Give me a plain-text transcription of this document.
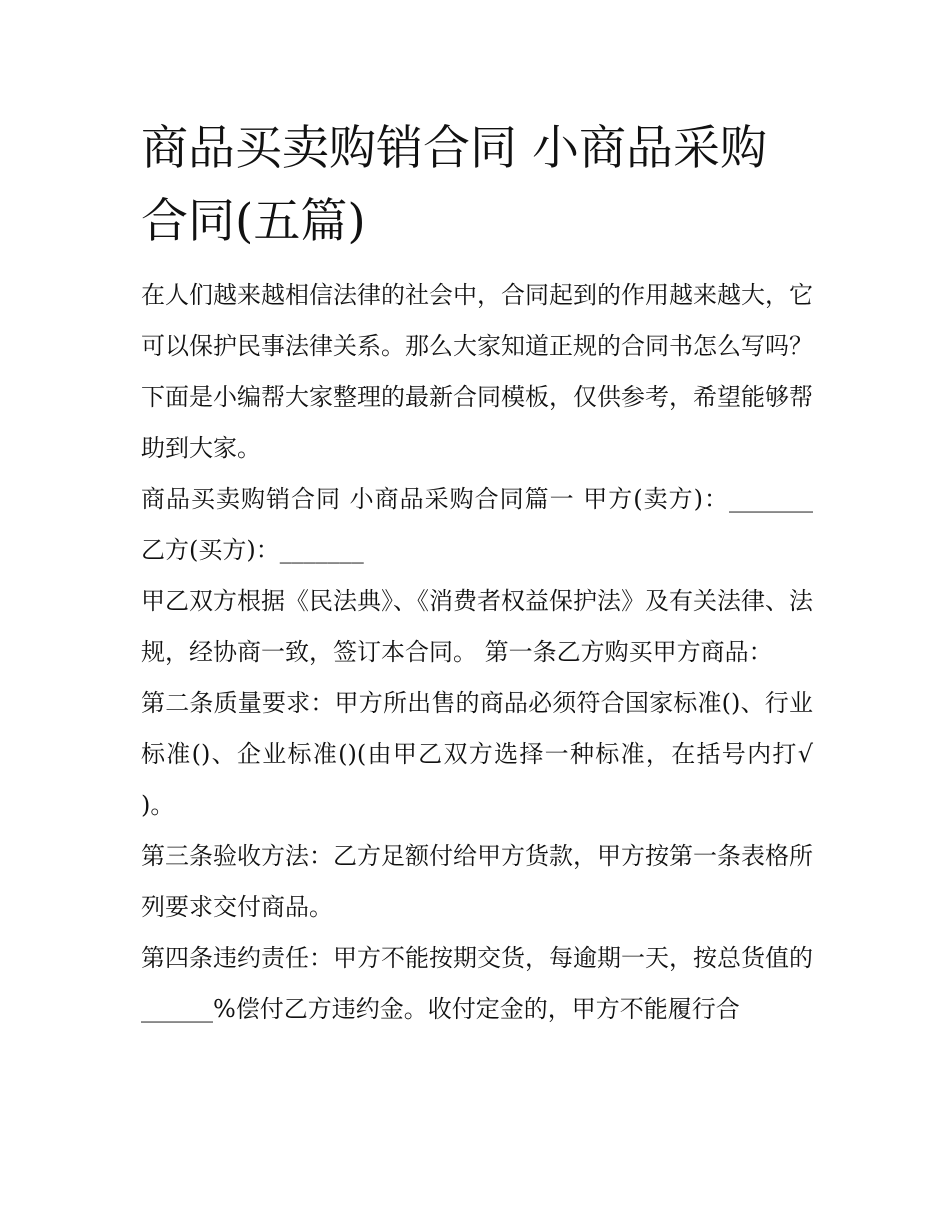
商品买卖购销合同 小商品采购合同(五篇)

在人们越来越相信法律的社会中，合同起到的作用越来越大，它可以保护民事法律关系。那么大家知道正规的合同书怎么写吗？下面是小编帮大家整理的最新合同模板，仅供参考，希望能够帮助到大家。

商品买卖购销合同 小商品采购合同篇一 甲方(卖方)：_______ 乙方(买方)：_______

甲乙双方根据《民法典》、《消费者权益保护法》及有关法律、法规，经协商一致，签订本合同。 第一条乙方购买甲方商品：

第二条质量要求：甲方所出售的商品必须符合国家标准()、行业标准()、企业标准()(由甲乙双方选择一种标准，在括号内打√ )。

第三条验收方法：乙方足额付给甲方货款，甲方按第一条表格所列要求交付商品。

第四条违约责任：甲方不能按期交货，每逾期一天，按总货值的______%偿付乙方违约金。收付定金的，甲方不能履行合
